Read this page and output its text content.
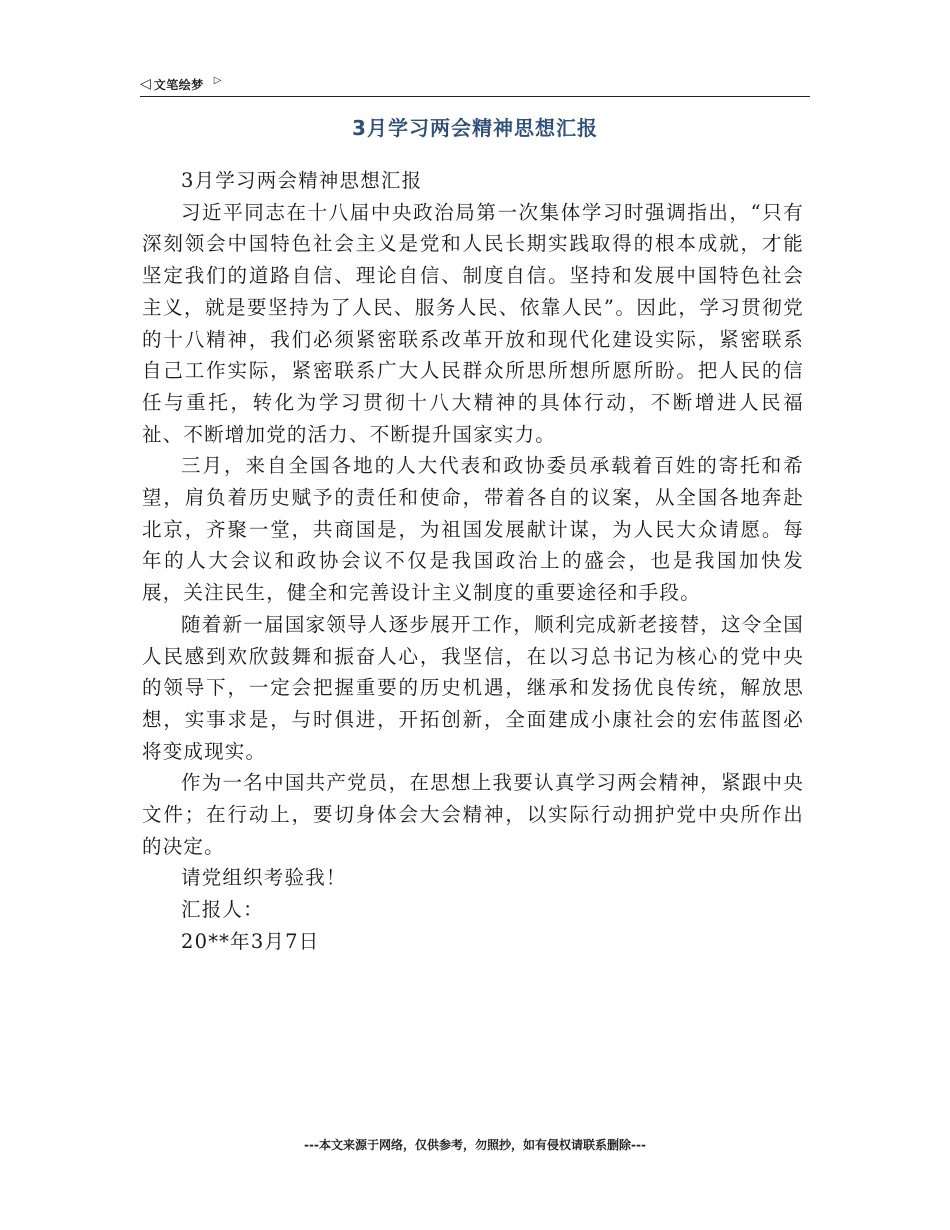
◁ 文笔绘梦 ▷
3月学习两会精神思想汇报

3月学习两会精神思想汇报

习近平同志在十八届中央政治局第一次集体学习时强调指出，“只有深刻领会中国特色社会主义是党和人民长期实践取得的根本成就，才能坚定我们的道路自信、理论自信、制度自信。坚持和发展中国特色社会主义，就是要坚持为了人民、服务人民、依靠人民”。因此，学习贯彻党的十八精神，我们必须紧密联系改革开放和现代化建设实际，紧密联系自己工作实际，紧密联系广大人民群众所思所想所愿所盼。把人民的信任与重托，转化为学习贯彻十八大精神的具体行动，不断增进人民福祉、不断增加党的活力、不断提升国家实力。

三月，来自全国各地的人大代表和政协委员承载着百姓的寄托和希望，肩负着历史赋予的责任和使命，带着各自的议案，从全国各地奔赴北京，齐聚一堂，共商国是，为祖国发展献计谋，为人民大众请愿。每年的人大会议和政协会议不仅是我国政治上的盛会，也是我国加快发展，关注民生，健全和完善设计主义制度的重要途径和手段。

随着新一届国家领导人逐步展开工作，顺利完成新老接替，这令全国人民感到欢欣鼓舞和振奋人心，我坚信，在以习总书记为核心的党中央的领导下，一定会把握重要的历史机遇，继承和发扬优良传统，解放思想，实事求是，与时俱进，开拓创新，全面建成小康社会的宏伟蓝图必将变成现实。

作为一名中国共产党员，在思想上我要认真学习两会精神，紧跟中央文件；在行动上，要切身体会大会精神，以实际行动拥护党中央所作出的决定。

请党组织考验我！

汇报人：

20**年3月7日

---本文来源于网络，仅供参考，勿照抄，如有侵权请联系删除---
